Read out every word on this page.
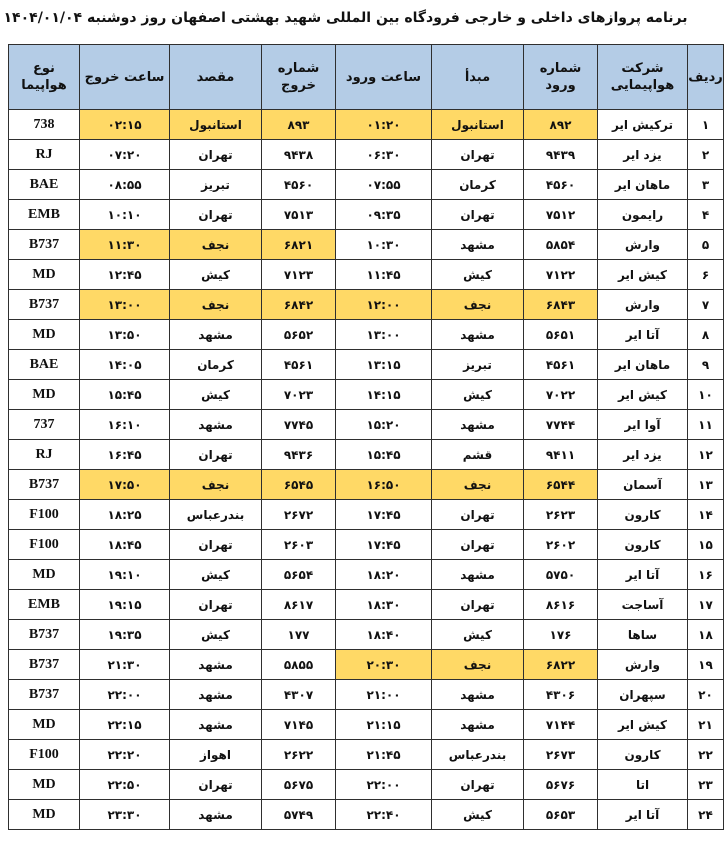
برنامه پروازهای داخلی و خارجی فرودگاه بین المللی شهید بهشتی اصفهان روز دوشنبه ۱۴۰۴/۰۱/۰۴
ردیف	شرکت هواپیمایی	شماره ورود	مبدأ	ساعت ورود	شماره خروج	مقصد	ساعت خروج	نوع هواپیما
۱	ترکیش ایر	۸۹۲	استانبول	۰۱:۲۰	۸۹۳	استانبول	۰۲:۱۵	738
۲	یزد ایر	۹۴۳۹	تهران	۰۶:۳۰	۹۴۳۸	تهران	۰۷:۲۰	RJ
۳	ماهان ایر	۴۵۶۰	کرمان	۰۷:۵۵	۴۵۶۰	تبریز	۰۸:۵۵	BAE
۴	رایمون	۷۵۱۲	تهران	۰۹:۳۵	۷۵۱۳	تهران	۱۰:۱۰	EMB
۵	وارش	۵۸۵۴	مشهد	۱۰:۳۰	۶۸۲۱	نجف	۱۱:۳۰	B737
۶	کیش ایر	۷۱۲۲	کیش	۱۱:۴۵	۷۱۲۳	کیش	۱۲:۴۵	MD
۷	وارش	۶۸۴۳	نجف	۱۲:۰۰	۶۸۴۲	نجف	۱۳:۰۰	B737
۸	آتا ایر	۵۶۵۱	مشهد	۱۳:۰۰	۵۶۵۲	مشهد	۱۳:۵۰	MD
۹	ماهان ایر	۴۵۶۱	تبریز	۱۳:۱۵	۴۵۶۱	کرمان	۱۴:۰۵	BAE
۱۰	کیش ایر	۷۰۲۲	کیش	۱۴:۱۵	۷۰۲۳	کیش	۱۵:۴۵	MD
۱۱	آوا ایر	۷۷۴۴	مشهد	۱۵:۲۰	۷۷۴۵	مشهد	۱۶:۱۰	737
۱۲	یزد ایر	۹۴۱۱	قشم	۱۵:۴۵	۹۴۳۶	تهران	۱۶:۴۵	RJ
۱۳	آسمان	۶۵۴۴	نجف	۱۶:۵۰	۶۵۴۵	نجف	۱۷:۵۰	B737
۱۴	کارون	۲۶۲۳	تهران	۱۷:۴۵	۲۶۷۲	بندرعباس	۱۸:۲۵	F100
۱۵	کارون	۲۶۰۲	تهران	۱۷:۴۵	۲۶۰۳	تهران	۱۸:۴۵	F100
۱۶	آتا ایر	۵۷۵۰	مشهد	۱۸:۲۰	۵۶۵۴	کیش	۱۹:۱۰	MD
۱۷	آساجت	۸۶۱۶	تهران	۱۸:۳۰	۸۶۱۷	تهران	۱۹:۱۵	EMB
۱۸	ساها	۱۷۶	کیش	۱۸:۴۰	۱۷۷	کیش	۱۹:۳۵	B737
۱۹	وارش	۶۸۲۲	نجف	۲۰:۳۰	۵۸۵۵	مشهد	۲۱:۳۰	B737
۲۰	سپهران	۴۳۰۶	مشهد	۲۱:۰۰	۴۳۰۷	مشهد	۲۲:۰۰	B737
۲۱	کیش ایر	۷۱۴۴	مشهد	۲۱:۱۵	۷۱۴۵	مشهد	۲۲:۱۵	MD
۲۲	کارون	۲۶۷۳	بندرعباس	۲۱:۴۵	۲۶۲۲	اهواز	۲۲:۲۰	F100
۲۳	اتا	۵۶۷۶	تهران	۲۲:۰۰	۵۶۷۵	تهران	۲۲:۵۰	MD
۲۴	آتا ایر	۵۶۵۳	کیش	۲۲:۴۰	۵۷۴۹	مشهد	۲۳:۳۰	MD
